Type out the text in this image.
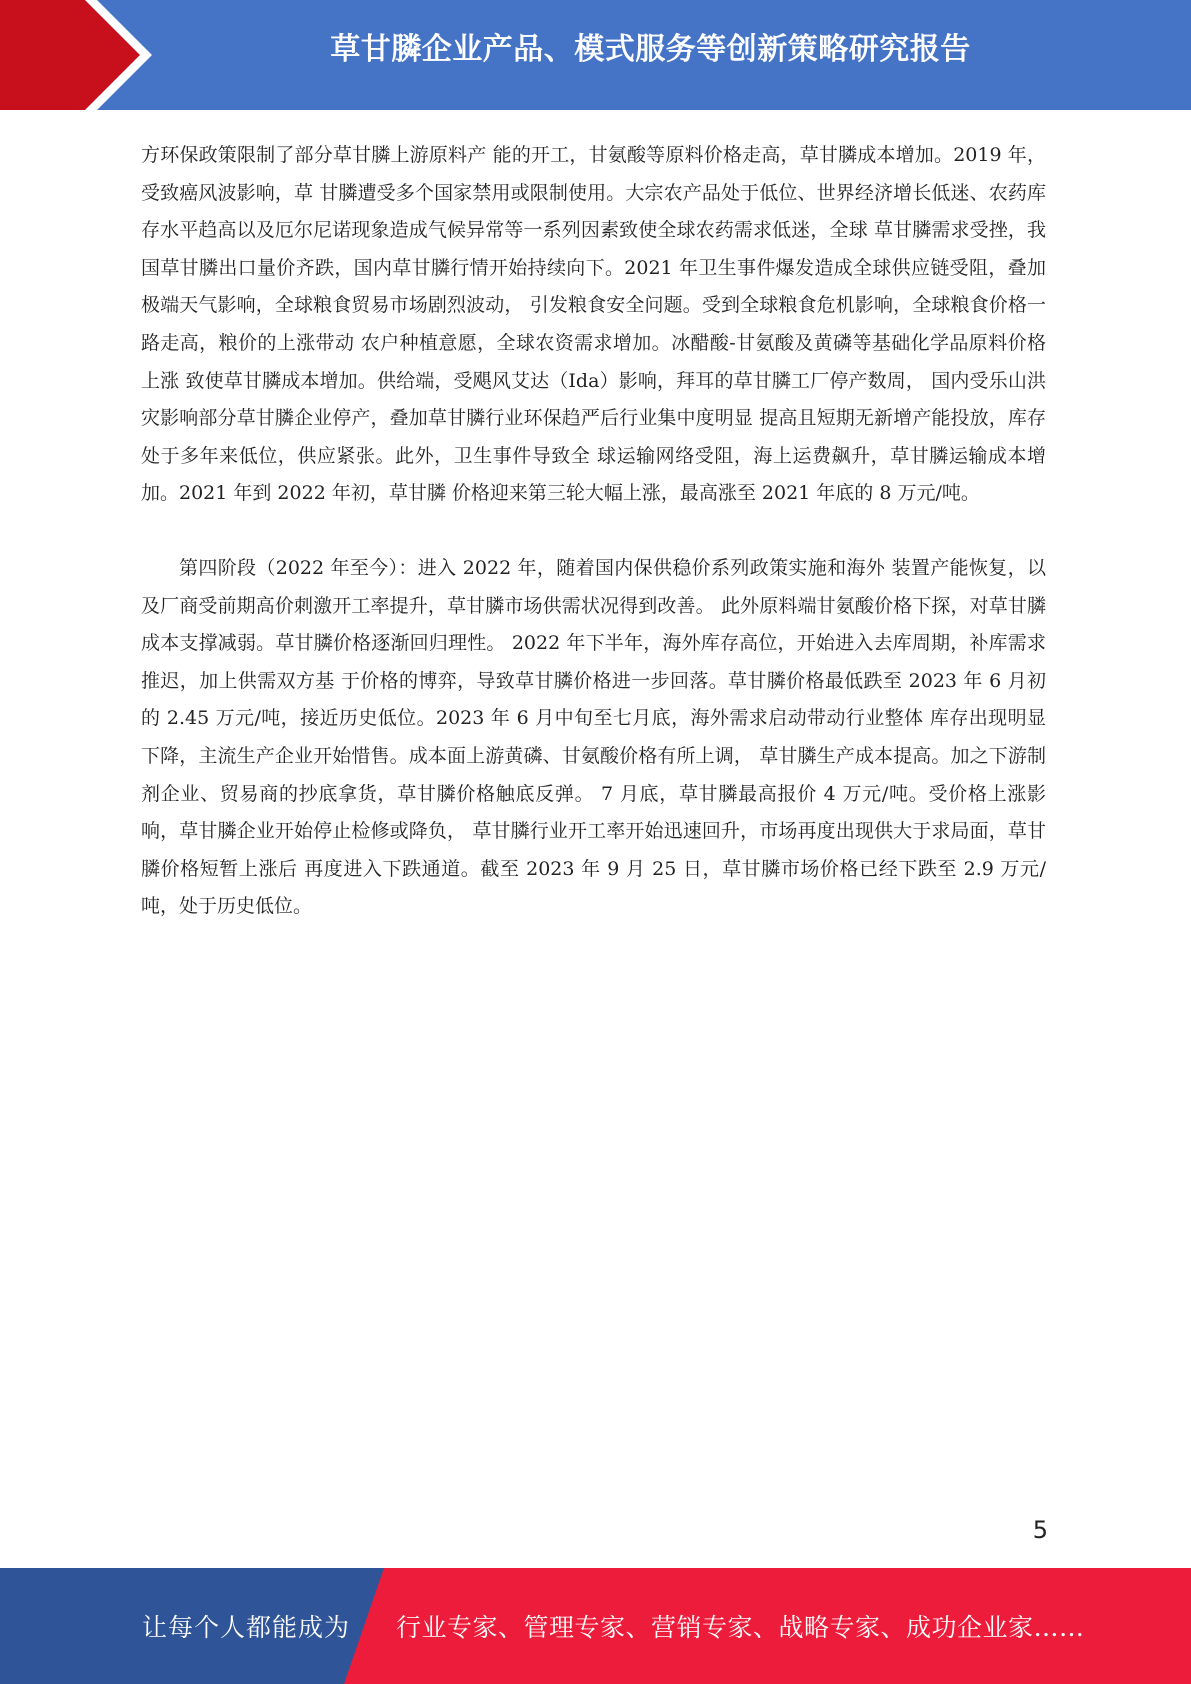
草甘膦企业产品、模式服务等创新策略研究报告

方环保政策限制了部分草甘膦上游原料产 能的开工，甘氨酸等原料价格走高，草甘膦成本增加。2019 年，受致癌风波影响，草 甘膦遭受多个国家禁用或限制使用。大宗农产品处于低位、世界经济增长低迷、农药库 存水平趋高以及厄尔尼诺现象造成气候异常等一系列因素致使全球农药需求低迷，全球 草甘膦需求受挫，我国草甘膦出口量价齐跌，国内草甘膦行情开始持续向下。2021 年卫生事件爆发造成全球供应链受阻，叠加极端天气影响，全球粮食贸易市场剧烈波动， 引发粮食安全问题。受到全球粮食危机影响，全球粮食价格一路走高，粮价的上涨带动 农户种植意愿，全球农资需求增加。冰醋酸-甘氨酸及黄磷等基础化学品原料价格上涨 致使草甘膦成本增加。供给端，受飓风艾达（Ida）影响，拜耳的草甘膦工厂停产数周， 国内受乐山洪灾影响部分草甘膦企业停产，叠加草甘膦行业环保趋严后行业集中度明显 提高且短期无新增产能投放，库存处于多年来低位，供应紧张。此外，卫生事件导致全 球运输网络受阻，海上运费飙升，草甘膦运输成本增加。2021 年到 2022 年初，草甘膦 价格迎来第三轮大幅上涨，最高涨至 2021 年底的 8 万元/吨。

第四阶段（2022 年至今）：进入 2022 年，随着国内保供稳价系列政策实施和海外 装置产能恢复，以及厂商受前期高价刺激开工率提升，草甘膦市场供需状况得到改善。 此外原料端甘氨酸价格下探，对草甘膦成本支撑减弱。草甘膦价格逐渐回归理性。 2022 年下半年，海外库存高位，开始进入去库周期，补库需求推迟，加上供需双方基 于价格的博弈，导致草甘膦价格进一步回落。草甘膦价格最低跌至 2023 年 6 月初的 2.45 万元/吨，接近历史低位。2023 年 6 月中旬至七月底，海外需求启动带动行业整体 库存出现明显下降，主流生产企业开始惜售。成本面上游黄磷、甘氨酸价格有所上调， 草甘膦生产成本提高。加之下游制剂企业、贸易商的抄底拿货，草甘膦价格触底反弹。 7 月底，草甘膦最高报价 4 万元/吨。受价格上涨影响，草甘膦企业开始停止检修或降负， 草甘膦行业开工率开始迅速回升，市场再度出现供大于求局面，草甘膦价格短暂上涨后 再度进入下跌通道。截至 2023 年 9 月 25 日，草甘膦市场价格已经下跌至 2.9 万元/吨，处于历史低位。

5
让每个人都能成为 行业专家、管理专家、营销专家、战略专家、成功企业家……
